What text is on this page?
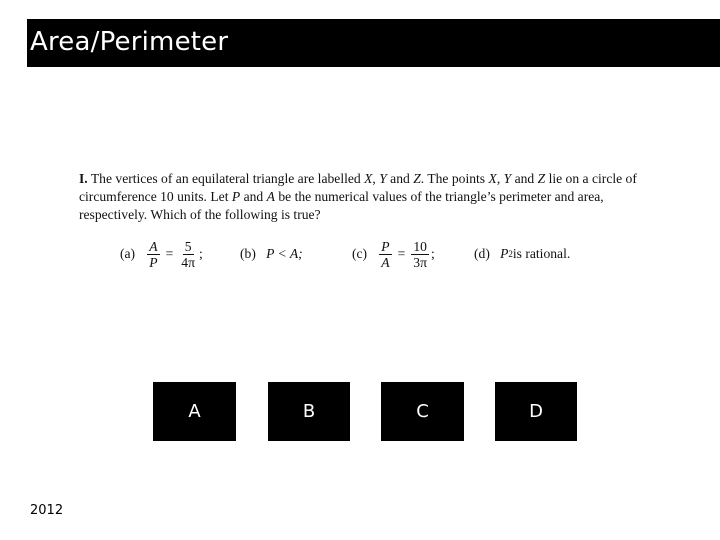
Area/Perimeter

I. The vertices of an equilateral triangle are labelled X, Y and Z. The points X, Y and Z lie on a circle of circumference 10 units. Let P and A be the numerical values of the triangle’s perimeter and area, respectively. Which of the following is true?

(a)
$\frac{A}{P} = \frac{5}{4\pi}$ ;	(b)
P < A;	(c)
$\frac{P}{A} = \frac{10}{3\pi}$ ;	(d)
P 2 is rational.
A	B	C	D
2012
